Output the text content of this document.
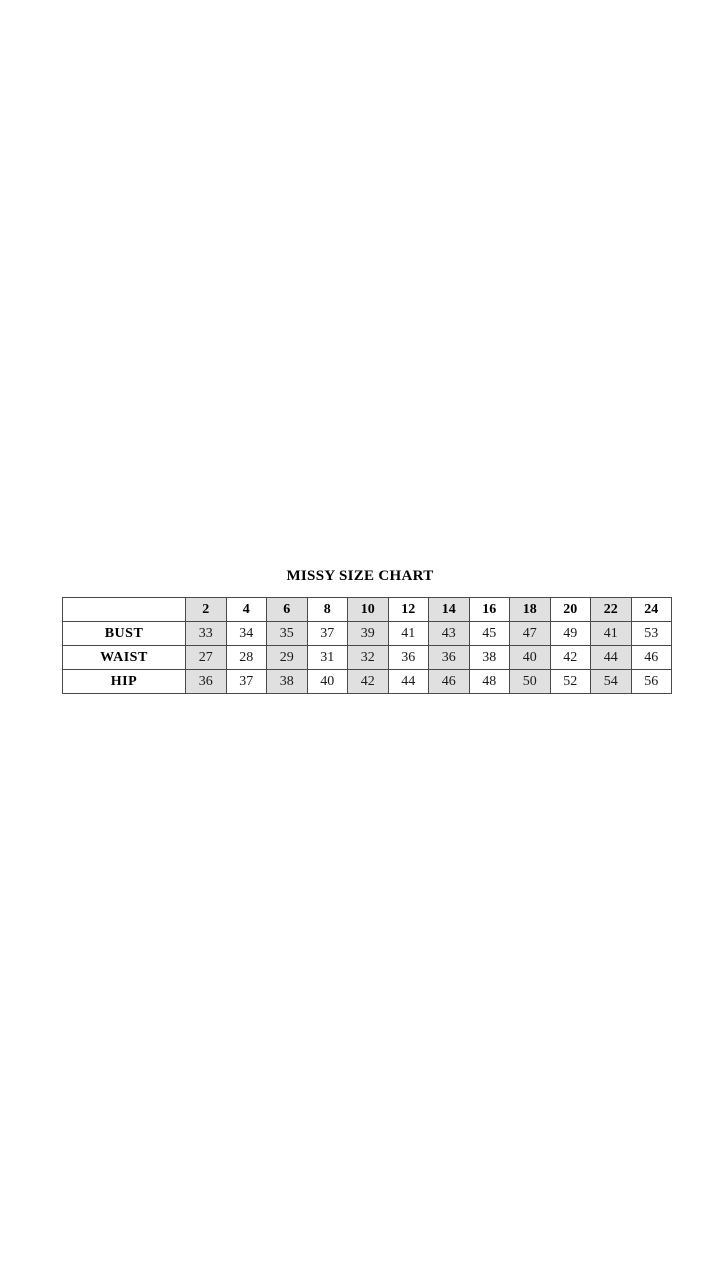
MISSY SIZE CHART
	2	4	6	8	10	12	14	16	18	20	22	24
BUST	33	34	35	37	39	41	43	45	47	49	41	53
WAIST	27	28	29	31	32	36	36	38	40	42	44	46
HIP	36	37	38	40	42	44	46	48	50	52	54	56
